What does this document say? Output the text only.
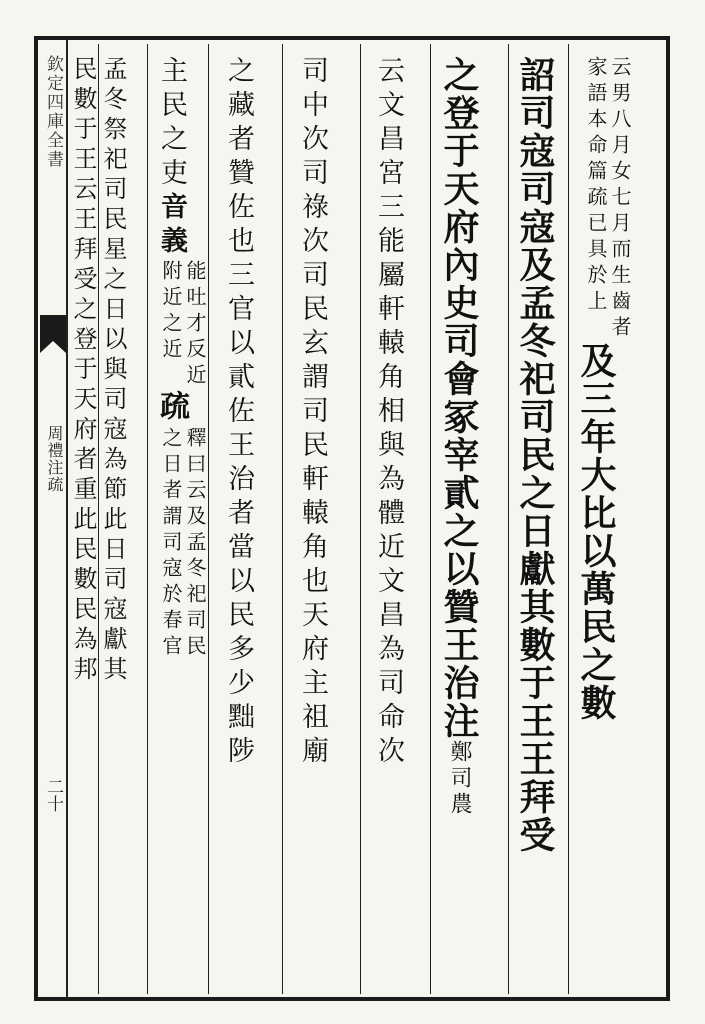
欽定四庫全書
周禮注疏
二十
云男八月女七月而生齒者
家語本命篇疏已具於上及三年大比以萬民之數
詔司寇司寇及孟冬祀司民之日獻其數于王王拜受
之登于天府內史司會冢宰貳之以贊王治注鄭司農
云文昌宮三能屬軒轅角相與為體近文昌為司命次
司中次司祿次司民玄謂司民軒轅角也天府主祖廟
之藏者贊佐也三官以貳佐王治者當以民多少黜陟
主民之吏音義能吐才反近
附近之近疏釋曰云及孟冬祀司民
之日者謂司寇於春官
孟冬祭祀司民星之日以與司寇為節此日司寇獻其
民數于王云王拜受之登于天府者重此民數民為邦
